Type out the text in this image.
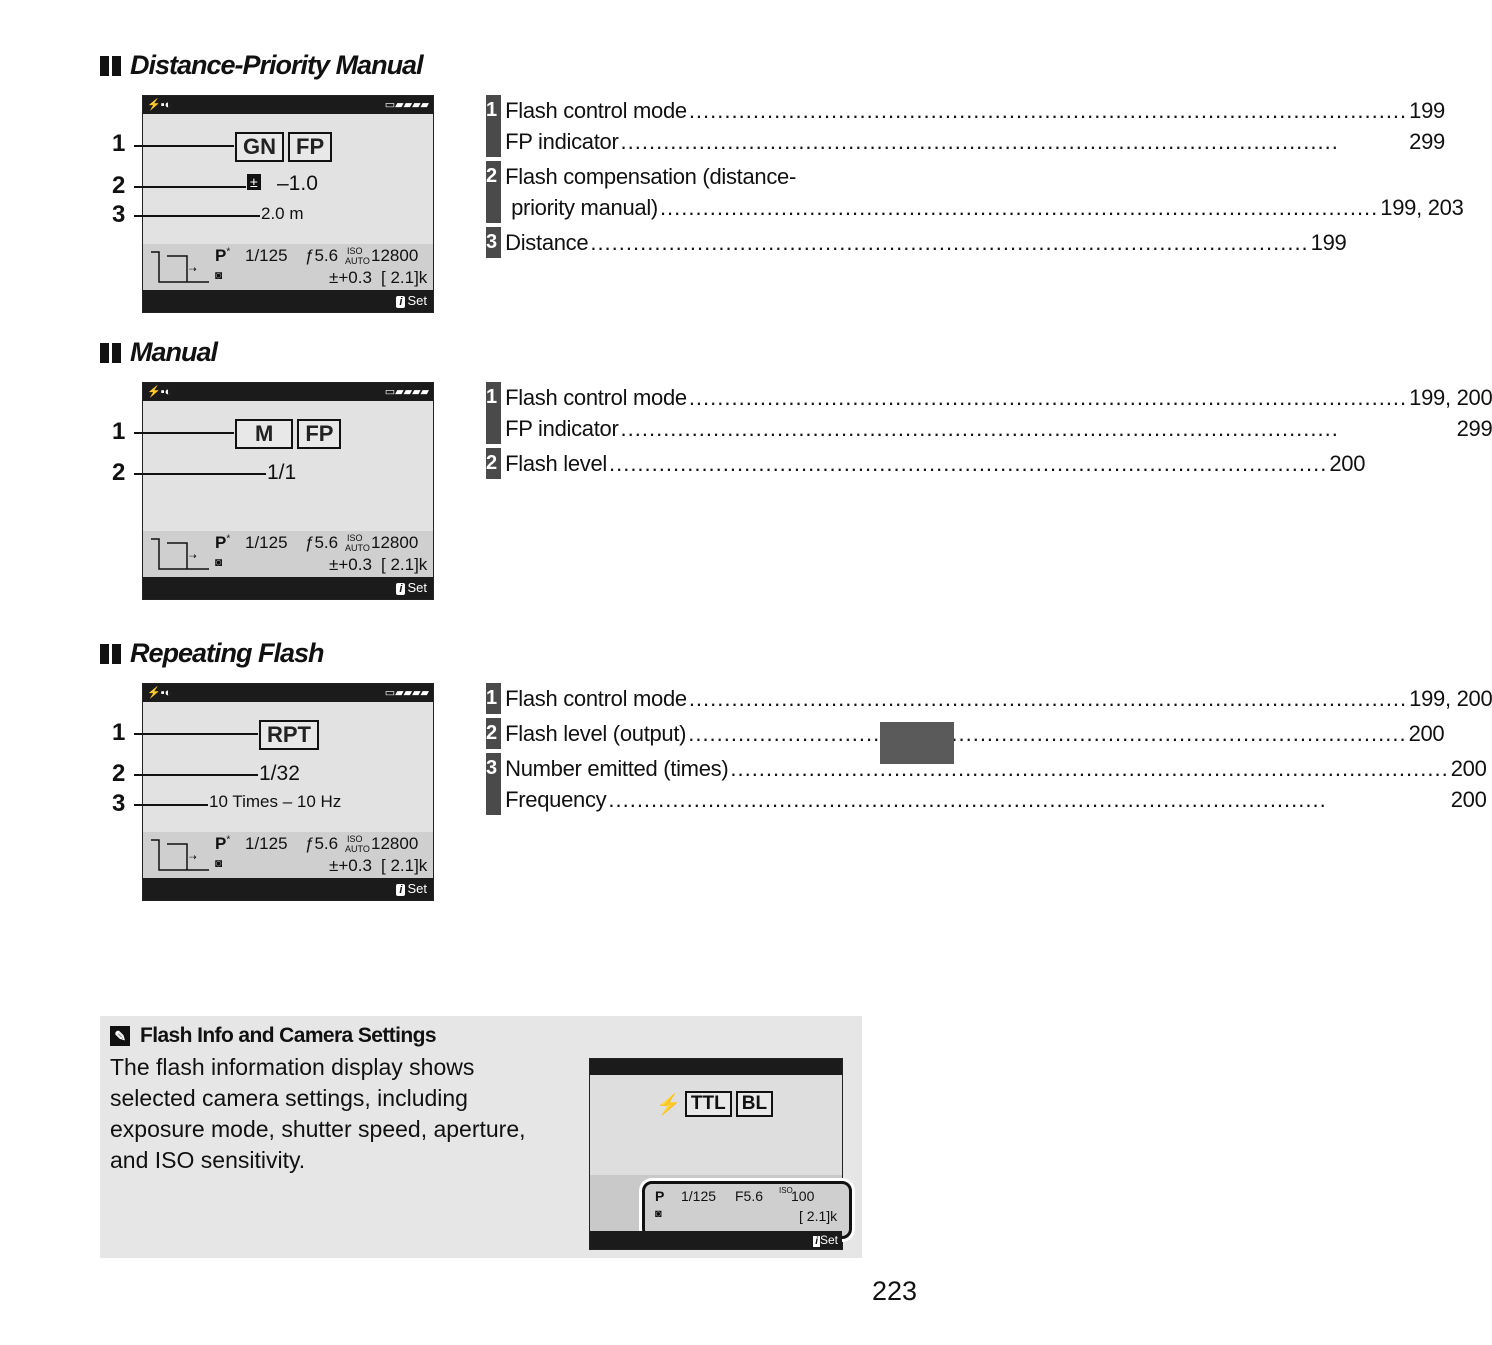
Distance-Priority Manual
⚡▪◐	▭▰▰▰▰
GN FP
± –1.0
2.0 m
⇢
P* 1/125 ƒ5.6 ISO
AUTO 12800
◙	±+0.3 [ 2.1]k
i Set
1
2
3
1 Flash control mode .....	199
FP indicator .....	299
2 Flash compensation (distance-
priority manual) .....	199, 203
3 Distance .....	199
Manual
⚡▪◐	▭▰▰▰▰
M	FP
1/1
⇢
P* 1/125 ƒ5.6 ISO
AUTO 12800
◙	±+0.3 [ 2.1]k
i Set
1
2
1 Flash control mode .....	199, 200
FP indicator .....	299
2 Flash level .....	200
Repeating Flash
⚡▪◐	▭▰▰▰▰
RPT
1/32
10 Times – 10 Hz
⇢
P* 1/125 ƒ5.6 ISO
AUTO 12800
◙	±+0.3 [ 2.1]k
i Set
1
2
3
1 Flash control mode .....	199, 200
2 Flash level (output) .....	200
3 Number emitted (times) .....	200
Frequency .....	200
✎ Flash Info and Camera Settings
The flash information display shows selected camera settings, including exposure mode, shutter speed, aperture, and ISO sensitivity.
⚡ TTL BL
P 1/125 F5.6 ISO
100
◙	[ 2.1]k
i Set
223
